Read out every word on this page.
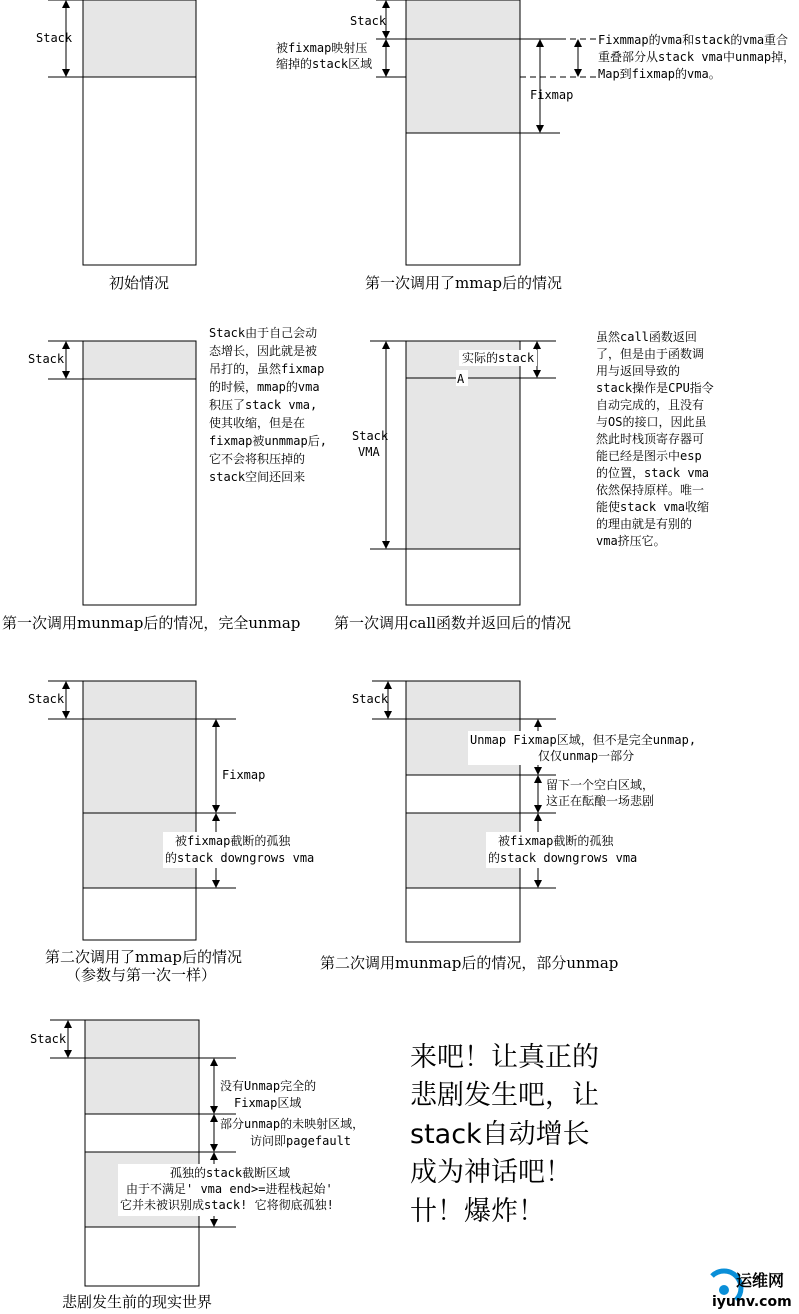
Stack
初始情况
Stack
被fixmap映射压
缩掉的stack区域
Fixmap
Fixmmap的vma和stack的vma重合
重叠部分从stack vma中unmap掉，
Map到fixmap的vma。
第一次调用了mmap后的情况
Stack
Stack由于自己会动
态增长，因此就是被
吊打的，虽然fixmap
的时候，mmap的vma
积压了stack vma,
使其收缩，但是在
fixmap被unmmap后,
它不会将积压掉的
stack空间还回来
第一次调用munmap后的情况，完全unmap
实际的stack
A
Stack
VMA
虽然call函数返回
了，但是由于函数调
用与返回导致的
stack操作是CPU指令
自动完成的，且没有
与OS的接口，因此虽
然此时栈顶寄存器可
能已经是图示中esp
的位置，stack vma
依然保持原样。唯一
能使stack vma收缩
的理由就是有别的
vma挤压它。
第一次调用call函数并返回后的情况
Stack
Fixmap
被fixmap截断的孤独
的stack downgrows vma
第二次调用了mmap后的情况
（参数与第一次一样）
Stack
Unmap Fixmap区域，但不是完全unmap,
仅仅unmap一部分
留下一个空白区域，
这正在酝酿一场悲剧
被fixmap截断的孤独
的stack downgrows vma
第二次调用munmap后的情况，部分unmap
Stack
没有Unmap完全的
Fixmap区域
部分unmap的未映射区域，
访问即pagefault
孤独的stack截断区域
由于不满足' vma end>=进程栈起始'
它并未被识别成stack! 它将彻底孤独!
悲剧发生前的现实世界
来吧！让真正的
悲剧发生吧，让
stack自动增长
成为神话吧！
卄！爆炸！
运维网
iyunv.com
